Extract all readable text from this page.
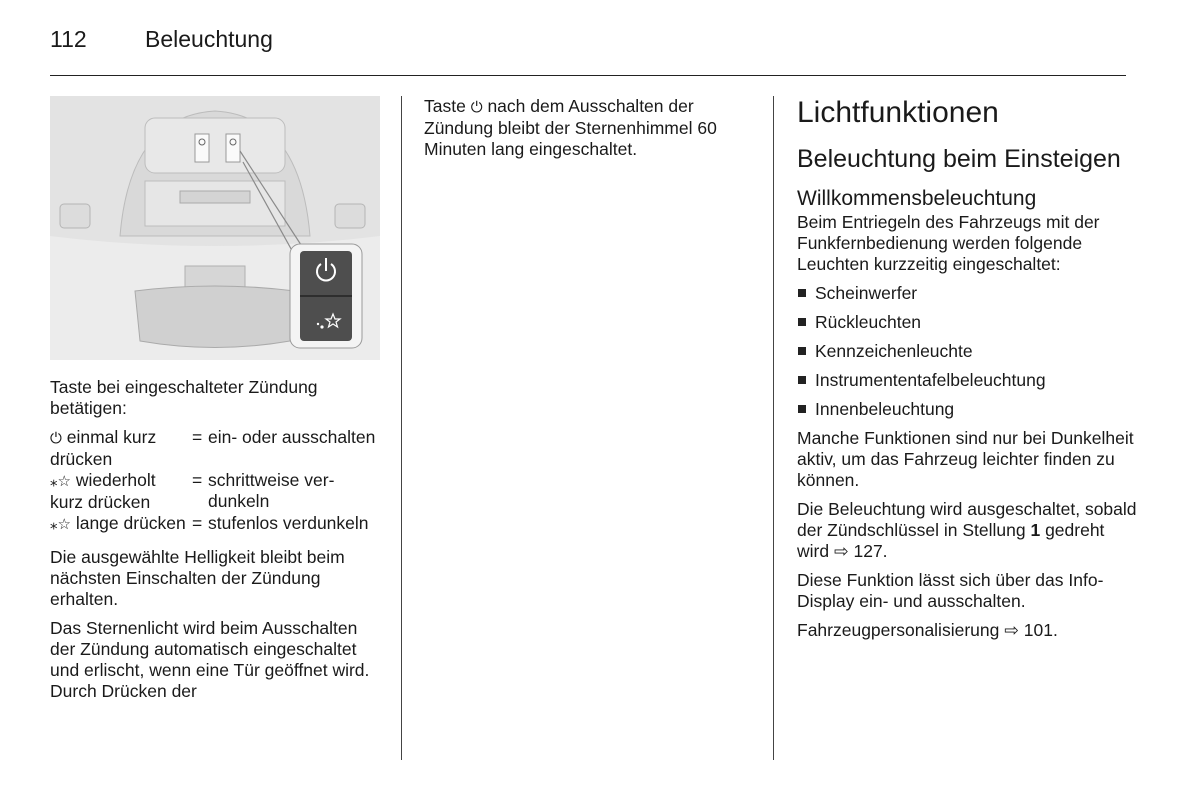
112	Beleuchtung

Taste bei eingeschalteter Zündung betätigen:

⏻ einmal kurz drücken	=	ein- oder ausschalten
⁎☆ wiederholt kurz drücken	=	schrittweise verdunkeln
⁎☆ lange drücken	=	stufenlos verdunkeln

Die ausgewählte Helligkeit bleibt beim nächsten Einschalten der Zündung erhalten.

Das Sternenlicht wird beim Ausschalten der Zündung automatisch eingeschaltet und erlischt, wenn eine Tür geöffnet wird. Durch Drücken der

Taste ⏻ nach dem Ausschalten der Zündung bleibt der Sternenhimmel 60 Minuten lang eingeschaltet.

Lichtfunktionen
Beleuchtung beim Einsteigen
Willkommensbeleuchtung

Beim Entriegeln des Fahrzeugs mit der Funkfernbedienung werden folgende Leuchten kurzzeitig eingeschaltet:

Scheinwerfer
Rückleuchten
Kennzeichenleuchte
Instrumententafelbeleuchtung
Innenbeleuchtung

Manche Funktionen sind nur bei Dunkelheit aktiv, um das Fahrzeug leichter finden zu können.

Die Beleuchtung wird ausgeschaltet, sobald der Zündschlüssel in Stellung 1 gedreht wird ⇨ 127.

Diese Funktion lässt sich über das Info-Display ein- und ausschalten.

Fahrzeugpersonalisierung ⇨ 101.
